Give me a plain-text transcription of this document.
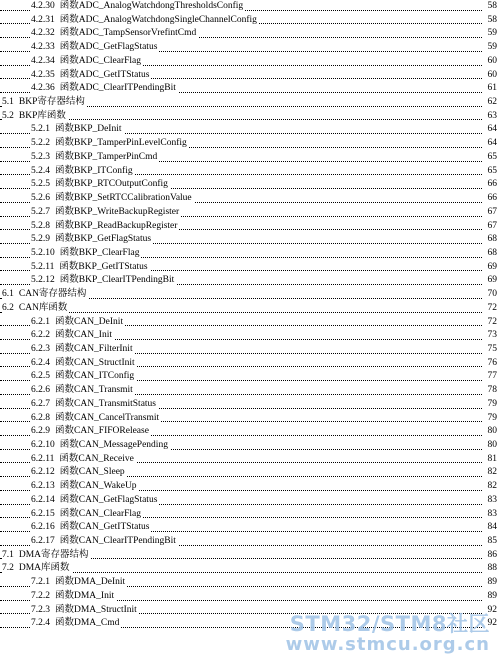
4.2.30 函数ADC_AnalogWatchdongThresholdsConfig	58
4.2.31 函数ADC_AnalogWatchdongSingleChannelConfig	58
4.2.32 函数ADC_TampSensorVrefintCmd	59
4.2.33 函数ADC_GetFlagStatus	59
4.2.34 函数ADC_ClearFlag	60
4.2.35 函数ADC_GetITStatus	60
4.2.36 函数ADC_ClearITPendingBit	61
5.1 BKP寄存器结构	62
5.2 BKP库函数	63
5.2.1 函数BKP_DeInit	64
5.2.2 函数BKP_TamperPinLevelConfig	64
5.2.3 函数BKP_TamperPinCmd	65
5.2.4 函数BKP_ITConfig	65
5.2.5 函数BKP_RTCOutputConfig	66
5.2.6 函数BKP_SetRTCCalibrationValue	66
5.2.7 函数BKP_WriteBackupRegister	67
5.2.8 函数BKP_ReadBackupRegister	67
5.2.9 函数BKP_GetFlagStatus	68
5.2.10 函数BKP_ClearFlag	68
5.2.11 函数BKP_GetITStatus	69
5.2.12 函数BKP_ClearITPendingBit	69
6.1 CAN寄存器结构	70
6.2 CAN库函数	72
6.2.1 函数CAN_DeInit	72
6.2.2 函数CAN_Init	73
6.2.3 函数CAN_FilterInit	75
6.2.4 函数CAN_StructInit	76
6.2.5 函数CAN_ITConfig	77
6.2.6 函数CAN_Transmit	78
6.2.7 函数CAN_TransmitStatus	79
6.2.8 函数CAN_CancelTransmit	79
6.2.9 函数CAN_FIFORelease	80
6.2.10 函数CAN_MessagePending	80
6.2.11 函数CAN_Receive	81
6.2.12 函数CAN_Sleep	82
6.2.13 函数CAN_WakeUp	82
6.2.14 函数CAN_GetFlagStatus	83
6.2.15 函数CAN_ClearFlag	83
6.2.16 函数CAN_GetITStatus	84
6.2.17 函数CAN_ClearITPendingBit	85
7.1 DMA寄存器结构	86
7.2 DMA库函数	88
7.2.1 函数DMA_DeInit	89
7.2.2 函数DMA_Init	89
7.2.3 函数DMA_StructInit	92
7.2.4 函数DMA_Cmd	92
STM32/STM8社区
www.stmcu.org.cn
